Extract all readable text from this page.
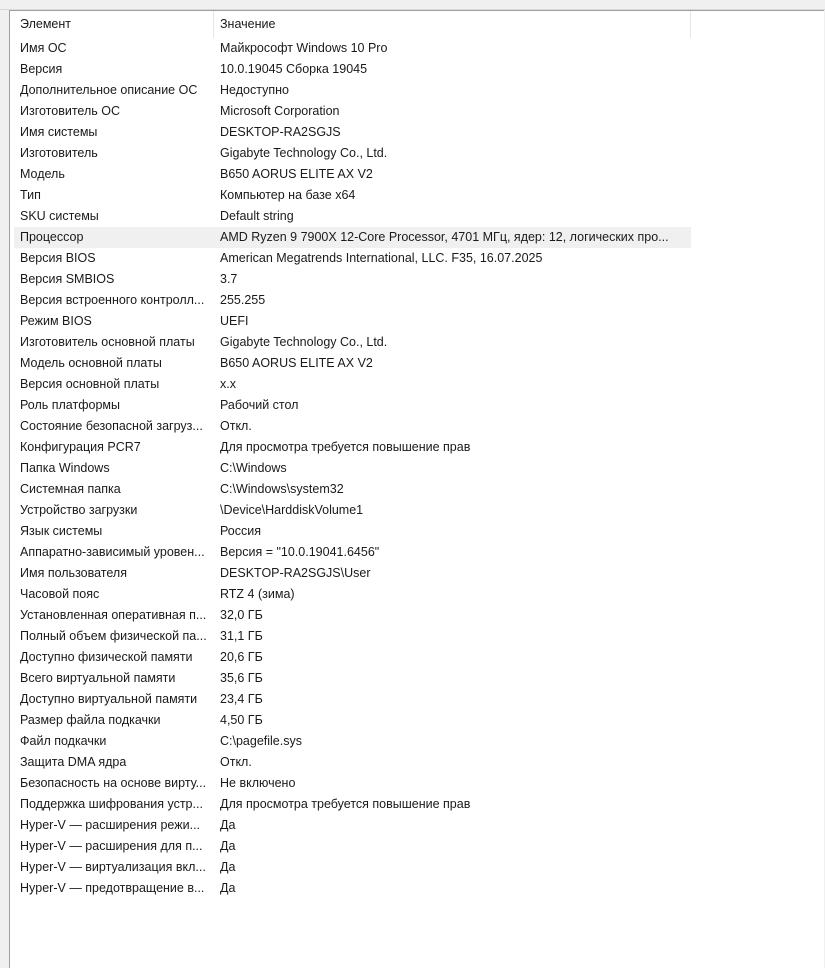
Элемент	Значение
Имя ОС	Майкрософт Windows 10 Pro
Версия	10.0.19045 Сборка 19045
Дополнительное описание ОС	Недоступно
Изготовитель ОС	Microsoft Corporation
Имя системы	DESKTOP-RA2SGJS
Изготовитель	Gigabyte Technology Co., Ltd.
Модель	B650 AORUS ELITE AX V2
Тип	Компьютер на базе x64
SKU системы	Default string
Процессор	AMD Ryzen 9 7900X 12-Core Processor, 4701 МГц, ядер: 12, логических про...
Версия BIOS	American Megatrends International, LLC. F35, 16.07.2025
Версия SMBIOS	3.7
Версия встроенного контролл...	255.255
Режим BIOS	UEFI
Изготовитель основной платы	Gigabyte Technology Co., Ltd.
Модель основной платы	B650 AORUS ELITE AX V2
Версия основной платы	x.x
Роль платформы	Рабочий стол
Состояние безопасной загруз...	Откл.
Конфигурация PCR7	Для просмотра требуется повышение прав
Папка Windows	C:\Windows
Системная папка	C:\Windows\system32
Устройство загрузки	\Device\HarddiskVolume1
Язык системы	Россия
Аппаратно-зависимый уровен...	Версия = "10.0.19041.6456"
Имя пользователя	DESKTOP-RA2SGJS\User
Часовой пояс	RTZ 4 (зима)
Установленная оперативная п...	32,0 ГБ
Полный объем физической па...	31,1 ГБ
Доступно физической памяти	20,6 ГБ
Всего виртуальной памяти	35,6 ГБ
Доступно виртуальной памяти	23,4 ГБ
Размер файла подкачки	4,50 ГБ
Файл подкачки	C:\pagefile.sys
Защита DMA ядра	Откл.
Безопасность на основе вирту...	Не включено
Поддержка шифрования устр...	Для просмотра требуется повышение прав
Hyper-V — расширения режи...	Да
Hyper-V — расширения для п...	Да
Hyper-V — виртуализация вкл...	Да
Hyper-V — предотвращение в...	Да
